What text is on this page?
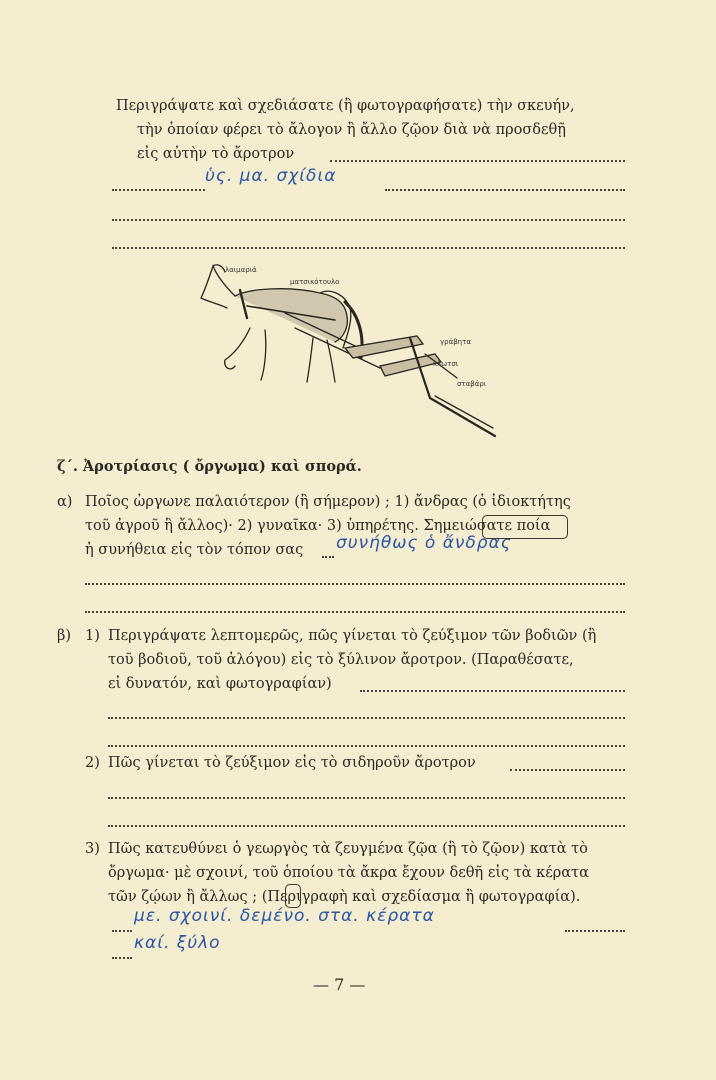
Περιγράψατε καὶ σχεδιάσατε (ἢ φωτογραφήσατε) τὴν σκευήν,
τὴν ὁποίαν φέρει τὸ ἄλογον ἢ ἄλλο ζῷον διὰ νὰ προσδεθῇ
εἰς αὐτὴν τὸ ἄροτρον
ὑς. μα. σχίδια
λαιμαριά
ματσικότουλο
γράβητα
κλωτσι
σταβάρι
ζ΄. Ἀροτρίασις ( ὄργωμα) καὶ σπορά.
α) Ποῖος ὠργωνε παλαιότερον (ἢ σήμερον) ; 1) ἄνδρας (ὁ ἰδιοκτήτης
τοῦ ἀγροῦ ἢ ἄλλος)· 2) γυναῖκα· 3) ὑπηρέτης. Σημειώσατε ποία
ἡ συνήθεια εἰς τὸν τόπον σας συνήθως ὁ ἄνδρας
β) 1) Περιγράψατε λεπτομερῶς, πῶς γίνεται τὸ ζεύξιμον τῶν βοδιῶν (ἢ
τοῦ βοδιοῦ, τοῦ ἀλόγου) εἰς τὸ ξύλινον ἄροτρον. (Παραθέσατε,
εἰ δυνατόν, καὶ φωτογραφίαν)
2) Πῶς γίνεται τὸ ζεύξιμον εἰς τὸ σιδηροῦν ἄροτρον
3) Πῶς κατευθύνει ὁ γεωργὸς τὰ ζευγμένα ζῷα (ἢ τὸ ζῷον) κατὰ τὸ
ὄργωμα· μὲ σχοινί, τοῦ ὁποίου τὰ ἄκρα ἔχουν δεθῆ εἰς τὰ κέρατα
τῶν ζῴων ἢ ἄλλως ; (Περιγραφὴ καὶ σχεδίασμα ἢ φωτογραφία).
με. σχοινί. δεμένο. στα. κέρατα
καί. ξύλο
— 7 —
